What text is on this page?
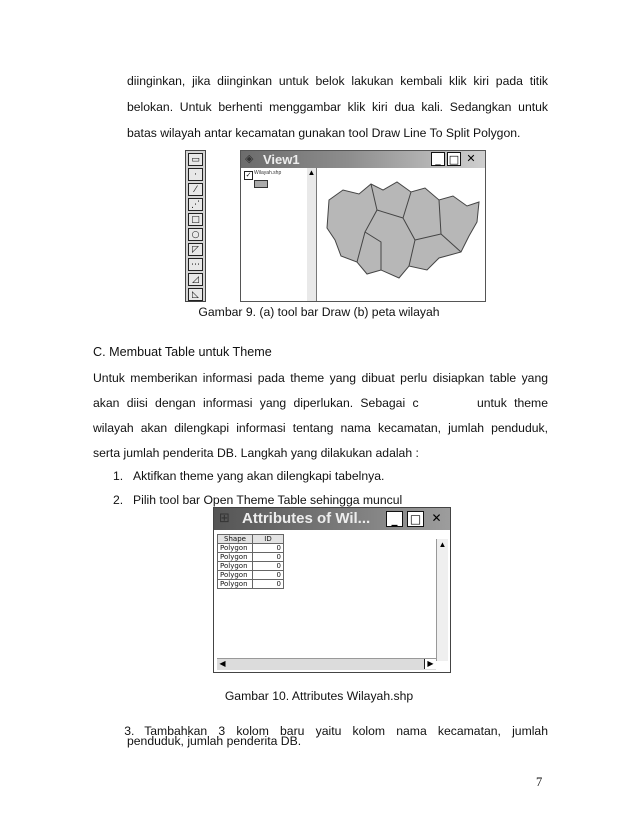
diinginkan, jika diinginkan untuk belok lakukan kembali klik kiri pada titik
belokan. Untuk berhenti menggambar klik kiri dua kali. Sedangkan untuk
batas wilayah antar kecamatan gunakan tool Draw Line To Split Polygon.
▭
·
⁄
⋰
□
○
◸
⋯
◿
◺
◈ View1	_ □ ✕
✓ Wilayah.shp	▲
Gambar 9. (a) tool bar Draw (b) peta wilayah
C. Membuat Table untuk Theme
Untuk memberikan informasi pada theme yang dibuat perlu disiapkan table yang
akan diisi dengan informasi yang diperlukan. Sebagai c        untuk theme
wilayah akan dilengkapi informasi tentang nama kecamatan, jumlah penduduk,
serta jumlah penderita DB. Langkah yang dilakukan adalah :
1. Aktifkan theme yang akan dilengkapi tabelnya.
2. Pilih tool bar Open Theme Table sehingga muncul
⊞ Attributes of Wil...	_	□ ✕
Shape	ID
Polygon	0
Polygon	0
Polygon	0
Polygon	0
Polygon	0
▲
◀	▶
Gambar 10. Attributes Wilayah.shp

3. Tambahkan  3  kolom  baru  yaitu  kolom  nama  kecamatan,  jumlah

penduduk, jumlah penderita DB.
7
